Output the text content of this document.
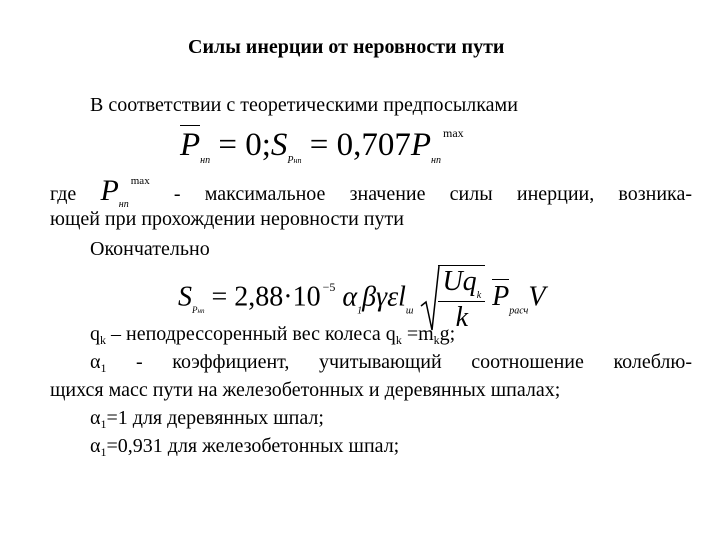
Силы инерции от неровности пути
В соответствии с теоретическими предпосылками
$P_{нп}$ = $0;S_{Pнп} = 0,707P_{нп}^{max}$
где $P_{нп}^{max}$ - максимальное значение силы инерции, возника-
ющей при прохождении неровности пути
Окончательно
$S_{Pнп} = 2,88\cdot 10$ $^{-5}$ $\alpha_1\beta\gamma\varepsilon l_ш \frac{Uq_k}{k} P_{расч}V$
$q_k$ – неподрессоренный вес колеса $q_k =m_kg$;
$\alpha_1$ - коэффициент, учитывающий соотношение колеблю-
щихся масс пути на железобетонных и деревянных шпалах;
$\alpha_1=1$ для деревянных шпал;
$\alpha_1=0,931$ для железобетонных шпал;
